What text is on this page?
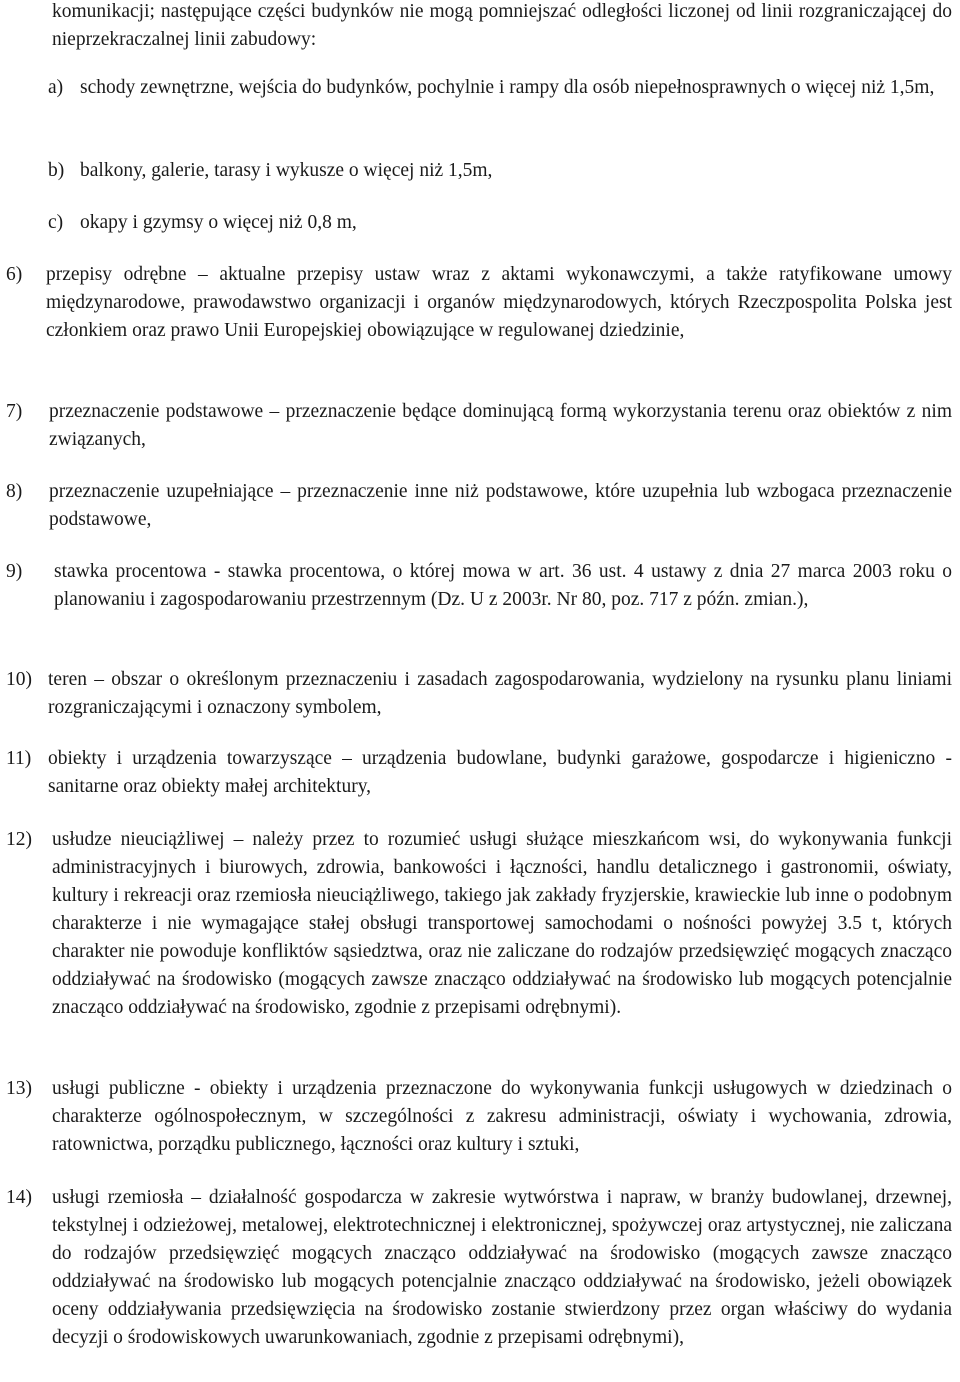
komunikacji; następujące części budynków nie mogą pomniejszać odległości liczonej od linii rozgraniczającej do nieprzekraczalnej linii zabudowy:
a) schody zewnętrzne, wejścia do budynków, pochylnie i rampy dla osób niepełnosprawnych o więcej niż 1,5m,
b) balkony, galerie, tarasy i wykusze o więcej niż 1,5m,
c) okapy i gzymsy o więcej niż 0,8 m,
6) przepisy odrębne – aktualne przepisy ustaw wraz z aktami wykonawczymi, a także ratyfikowane umowy międzynarodowe, prawodawstwo organizacji i organów międzynarodowych, których Rzeczpospolita Polska jest członkiem oraz prawo Unii Europejskiej obowiązujące w regulowanej dziedzinie,
7) przeznaczenie podstawowe – przeznaczenie będące dominującą formą wykorzystania terenu oraz obiektów z nim związanych,
8) przeznaczenie uzupełniające – przeznaczenie inne niż podstawowe, które uzupełnia lub wzbogaca przeznaczenie podstawowe,
9) stawka procentowa - stawka procentowa, o której mowa w art. 36 ust. 4 ustawy z dnia 27 marca 2003 roku o planowaniu i zagospodarowaniu przestrzennym (Dz. U z 2003r. Nr 80, poz. 717 z późn. zmian.),
10) teren – obszar o określonym przeznaczeniu i zasadach zagospodarowania, wydzielony na rysunku planu liniami rozgraniczającymi i oznaczony symbolem,
11) obiekty i urządzenia towarzyszące – urządzenia budowlane, budynki garażowe, gospodarcze i higieniczno - sanitarne oraz obiekty małej architektury,
12) usłudze nieuciążliwej – należy przez to rozumieć usługi służące mieszkańcom wsi, do wykonywania funkcji administracyjnych i biurowych, zdrowia, bankowości i łączności, handlu detalicznego i gastronomii, oświaty, kultury i rekreacji oraz rzemiosła nieuciążliwego, takiego jak zakłady fryzjerskie, krawieckie lub inne o podobnym charakterze i nie wymagające stałej obsługi transportowej samochodami o nośności powyżej 3.5 t, których charakter nie powoduje konfliktów sąsiedztwa, oraz nie zaliczane do rodzajów przedsięwzięć mogących znacząco oddziaływać na środowisko (mogących zawsze znacząco oddziaływać na środowisko lub mogących potencjalnie znacząco oddziaływać na środowisko, zgodnie z przepisami odrębnymi).
13) usługi publiczne - obiekty i urządzenia przeznaczone do wykonywania funkcji usługowych w dziedzinach o charakterze ogólnospołecznym, w szczególności z zakresu administracji, oświaty i wychowania, zdrowia, ratownictwa, porządku publicznego, łączności oraz kultury i sztuki,
14) usługi rzemiosła – działalność gospodarcza w zakresie wytwórstwa i napraw, w branży budowlanej, drzewnej, tekstylnej i odzieżowej, metalowej, elektrotechnicznej i elektronicznej, spożywczej oraz artystycznej, nie zaliczana do rodzajów przedsięwzięć mogących znacząco oddziaływać na środowisko (mogących zawsze znacząco oddziaływać na środowisko lub mogących potencjalnie znacząco oddziaływać na środowisko, jeżeli obowiązek oceny oddziaływania przedsięwzięcia na środowisko zostanie stwierdzony przez organ właściwy do wydania decyzji o środowiskowych uwarunkowaniach, zgodnie z przepisami odrębnymi),
